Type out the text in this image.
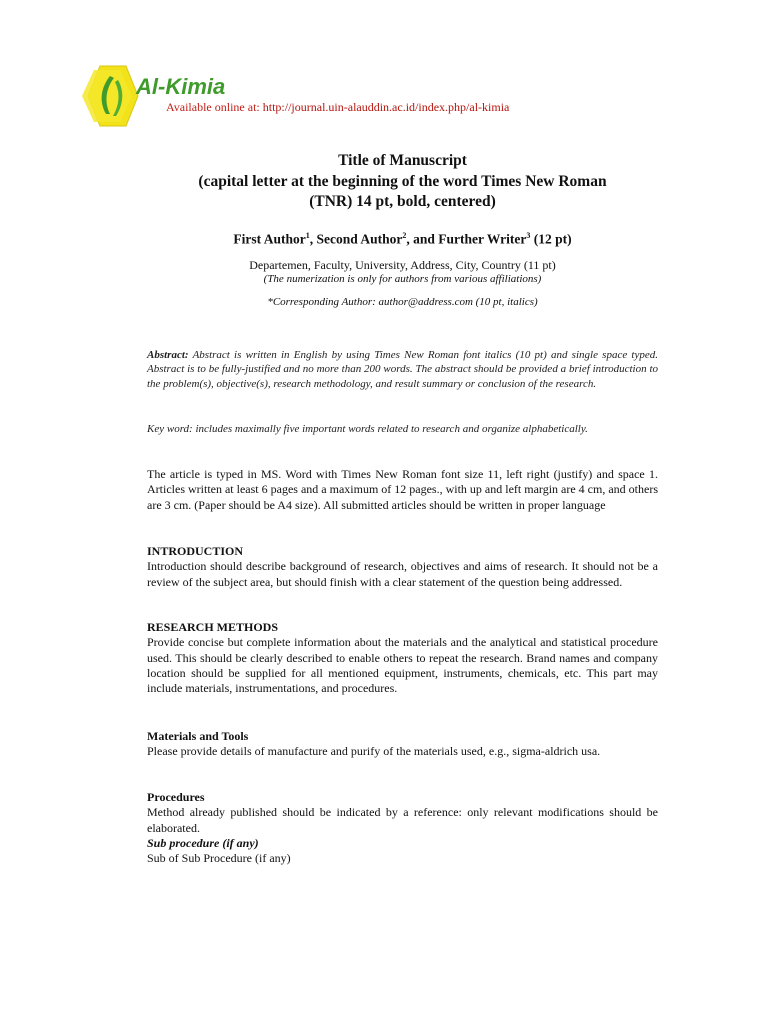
Al-Kimia
Available online at: http://journal.uin-alauddin.ac.id/index.php/al-kimia
Title of Manuscript
(capital letter at the beginning of the word Times New Roman
(TNR) 14 pt, bold, centered)
First Author$^1$, Second Author$^2$, and Further Writer$^3$ (12 pt)
Departemen, Faculty, University, Address, City, Country (11 pt)
(The numerization is only for authors from various affiliations)
*Corresponding Author: author@address.com (10 pt, italics)
Abstract: Abstract is written in English by using Times New Roman font italics (10 pt) and single space typed. Abstract is to be fully-justified and no more than 200 words. The abstract should be provided a brief introduction to the problem(s), objective(s), research methodology, and result summary or conclusion of the research.
Key word: includes maximally five important words related to research and organize alphabetically.
The article is typed in MS. Word with Times New Roman font size 11, left right (justify) and space 1. Articles written at least 6 pages and a maximum of 12 pages., with up and left margin are 4 cm, and others are 3 cm. (Paper should be A4 size). All submitted articles should be written in proper language
INTRODUCTION
Introduction should describe background of research, objectives and aims of research. It should not be a review of the subject area, but should finish with a clear statement of the question being addressed.
RESEARCH METHODS
Provide concise but complete information about the materials and the analytical and statistical procedure used. This should be clearly described to enable others to repeat the research. Brand names and company location should be supplied for all mentioned equipment, instruments, chemicals, etc. This part may include materials, instrumentations, and procedures.
Materials and Tools
Please provide details of manufacture and purify of the materials used, e.g., sigma-aldrich usa.
Procedures
Method already published should be indicated by a reference: only relevant modifications should be elaborated.
Sub procedure (if any)
Sub of Sub Procedure (if any)
